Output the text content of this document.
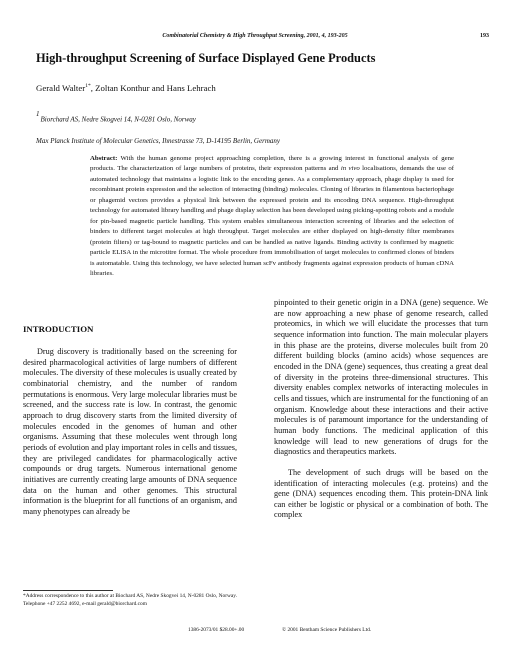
Combinatorial Chemistry & High Throughput Screening, 2001, 4, 193-205	193
High-throughput Screening of Surface Displayed Gene Products
Gerald Walter$^{1*}$, Zoltan Konthur and Hans Lehrach
$^1$Biorchard AS, Nedre Skogvei 14, N-0281 Oslo, Norway
Max Planck Institute of Molecular Genetics, Ihnestrasse 73, D-14195 Berlin, Germany
Abstract: With the human genome project approaching completion, there is a growing interest in functional analysis of gene products. The characterization of large numbers of proteins, their expression patterns and in vivo localisations, demands the use of automated technology that maintains a logistic link to the encoding genes. As a complementary approach, phage display is used for recombinant protein expression and the selection of interacting (binding) molecules. Cloning of libraries in filamentous bacteriophage or phagemid vectors provides a physical link between the expressed protein and its encoding DNA sequence. High-throughput technology for automated library handling and phage display selection has been developed using picking-spotting robots and a module for pin-based magnetic particle handling. This system enables simultaneous interaction screening of libraries and the selection of binders to different target molecules at high throughput. Target molecules are either displayed on high-density filter membranes (protein filters) or tag-bound to magnetic particles and can be handled as native ligands. Binding activity is confirmed by magnetic particle ELISA in the microtitre format. The whole procedure from immobilisation of target molecules to confirmed clones of binders is automatable. Using this technology, we have selected human scFv antibody fragments against expression products of human cDNA libraries.
INTRODUCTION

Drug discovery is traditionally based on the screening for desired pharmacological activities of large numbers of different molecules. The diversity of these molecules is usually created by combinatorial chemistry, and the number of random permutations is enormous. Very large molecular libraries must be screened, and the success rate is low. In contrast, the genomic approach to drug discovery starts from the limited diversity of molecules encoded in the genomes of human and other organisms. Assuming that these molecules went through long periods of evolution and play important roles in cells and tissues, they are privileged candidates for pharmacologically active compounds or drug targets. Numerous international genome initiatives are currently creating large amounts of DNA sequence data on the human and other genomes. This structural information is the blueprint for all functions of an organism, and many phenotypes can already be

pinpointed to their genetic origin in a DNA (gene) sequence. We are now approaching a new phase of genome research, called proteomics, in which we will elucidate the processes that turn sequence information into function. The main molecular players in this phase are the proteins, diverse molecules built from 20 different building blocks (amino acids) whose sequences are encoded in the DNA (gene) sequences, thus creating a great deal of diversity in the proteins three-dimensional structures. This diversity enables complex networks of interacting molecules in cells and tissues, which are instrumental for the functioning of an organism. Knowledge about these interactions and their active molecules is of paramount importance for the understanding of human body functions. The medicinal application of this knowledge will lead to new generations of drugs for the diagnostics and therapeutics markets.

The development of such drugs will be based on the identification of interacting molecules (e.g. proteins) and the gene (DNA) sequences encoding them. This protein-DNA link can either be logistic or physical or a combination of both. The complex

*Address correspondence to this author at Biochard AS, Nedre Skogvei 14, N-0281 Oslo, Norway. Telephone +47 2252 4692, e-mail gerald@biorchard.com
1386-2073/01 $28.00+.00	© 2001 Bentham Science Publishers Ltd.
